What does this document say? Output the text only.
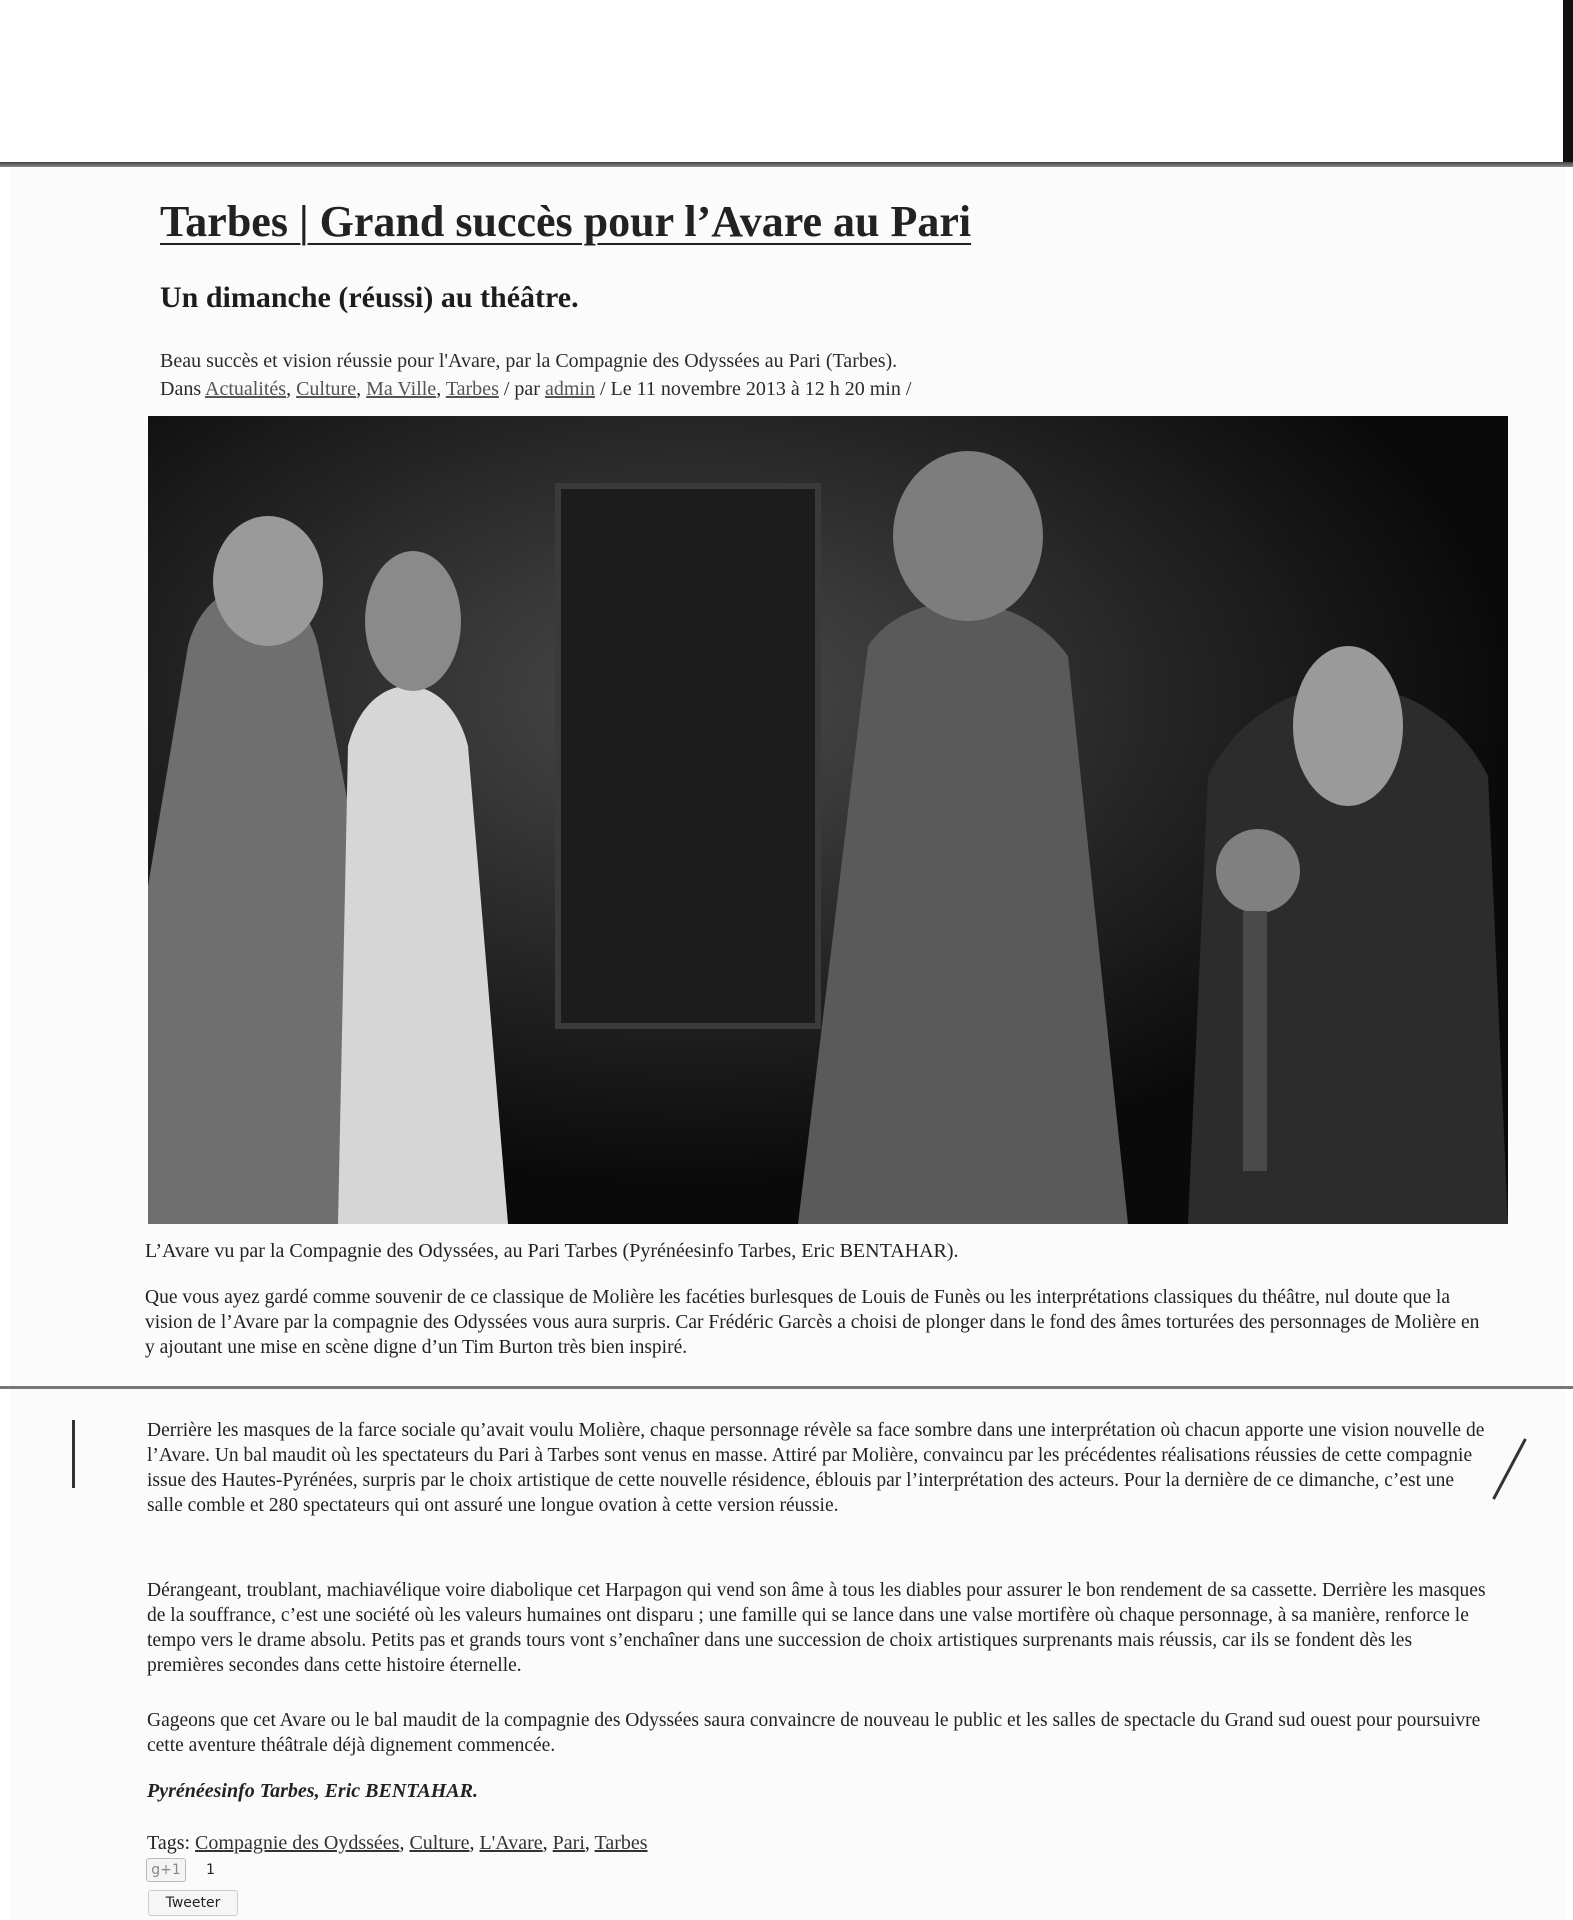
Tarbes | Grand succès pour l’Avare au Pari
Un dimanche (réussi) au théâtre.

Beau succès et vision réussie pour l'Avare, par la Compagnie des Odyssées au Pari (Tarbes).

Dans Actualités, Culture, Ma Ville, Tarbes / par admin / Le 11 novembre 2013 à 12 h 20 min /

L’Avare vu par la Compagnie des Odyssées, au Pari Tarbes (Pyrénéesinfo Tarbes, Eric BENTAHAR).

Que vous ayez gardé comme souvenir de ce classique de Molière les facéties burlesques de Louis de Funès ou les interprétations classiques du théâtre, nul doute que la vision de l’Avare par la compagnie des Odyssées vous aura surpris. Car Frédéric Garcès a choisi de plonger dans le fond des âmes torturées des personnages de Molière en y ajoutant une mise en scène digne d’un Tim Burton très bien inspiré.

Derrière les masques de la farce sociale qu’avait voulu Molière, chaque personnage révèle sa face sombre dans une interprétation où chacun apporte une vision nouvelle de l’Avare. Un bal maudit où les spectateurs du Pari à Tarbes sont venus en masse. Attiré par Molière, convaincu par les précédentes réalisations réussies de cette compagnie issue des Hautes-Pyrénées, surpris par le choix artistique de cette nouvelle résidence, éblouis par l’interprétation des acteurs. Pour la dernière de ce dimanche, c’est une salle comble et 280 spectateurs qui ont assuré une longue ovation à cette version réussie.

Dérangeant, troublant, machiavélique voire diabolique cet Harpagon qui vend son âme à tous les diables pour assurer le bon rendement de sa cassette. Derrière les masques de la souffrance, c’est une société où les valeurs humaines ont disparu ; une famille qui se lance dans une valse mortifère où chaque personnage, à sa manière, renforce le tempo vers le drame absolu. Petits pas et grands tours vont s’enchaîner dans une succession de choix artistiques surprenants mais réussis, car ils se fondent dès les premières secondes dans cette histoire éternelle.

Gageons que cet Avare ou le bal maudit de la compagnie des Odyssées saura convaincre de nouveau le public et les salles de spectacle du Grand sud ouest pour poursuivre cette aventure théâtrale déjà dignement commencée.

Pyrénéesinfo Tarbes, Eric BENTAHAR.

Tags: Compagnie des Oydssées, Culture, L'Avare, Pari, Tarbes

g+1	1
Tweeter
